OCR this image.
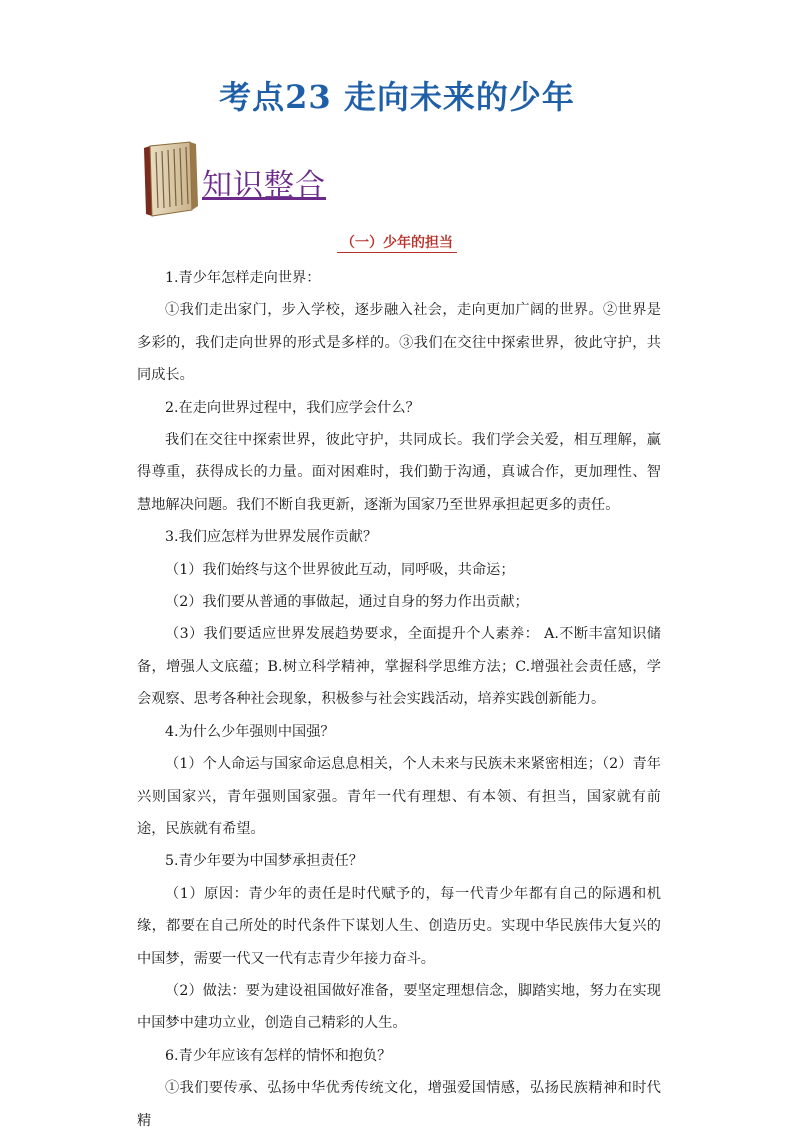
考点23 走向未来的少年
知识整合
（一）少年的担当

1.青少年怎样走向世界：

①我们走出家门，步入学校，逐步融入社会，走向更加广阔的世界。②世界是多彩的，我们走向世界的形式是多样的。③我们在交往中探索世界，彼此守护，共同成长。

2.在走向世界过程中，我们应学会什么？

我们在交往中探索世界，彼此守护，共同成长。我们学会关爱，相互理解，赢得尊重，获得成长的力量。面对困难时，我们勤于沟通，真诚合作，更加理性、智慧地解决问题。我们不断自我更新，逐渐为国家乃至世界承担起更多的责任。

3.我们应怎样为世界发展作贡献？

（1）我们始终与这个世界彼此互动，同呼吸，共命运；

（2）我们要从普通的事做起，通过自身的努力作出贡献；

（3）我们要适应世界发展趋势要求，全面提升个人素养： A.不断丰富知识储备，增强人文底蕴；B.树立科学精神，掌握科学思维方法；C.增强社会责任感，学会观察、思考各种社会现象，积极参与社会实践活动，培养实践创新能力。

4.为什么少年强则中国强？

（1）个人命运与国家命运息息相关，个人未来与民族未来紧密相连；（2）青年兴则国家兴，青年强则国家强。青年一代有理想、有本领、有担当，国家就有前途，民族就有希望。

5.青少年要为中国梦承担责任？

（1）原因：青少年的责任是时代赋予的，每一代青少年都有自己的际遇和机缘，都要在自己所处的时代条件下谋划人生、创造历史。实现中华民族伟大复兴的中国梦，需要一代又一代有志青少年接力奋斗。

（2）做法：要为建设祖国做好准备，要坚定理想信念，脚踏实地，努力在实现中国梦中建功立业，创造自己精彩的人生。

6.青少年应该有怎样的情怀和抱负？

①我们要传承、弘扬中华优秀传统文化，增强爱国情感，弘扬民族精神和时代精
